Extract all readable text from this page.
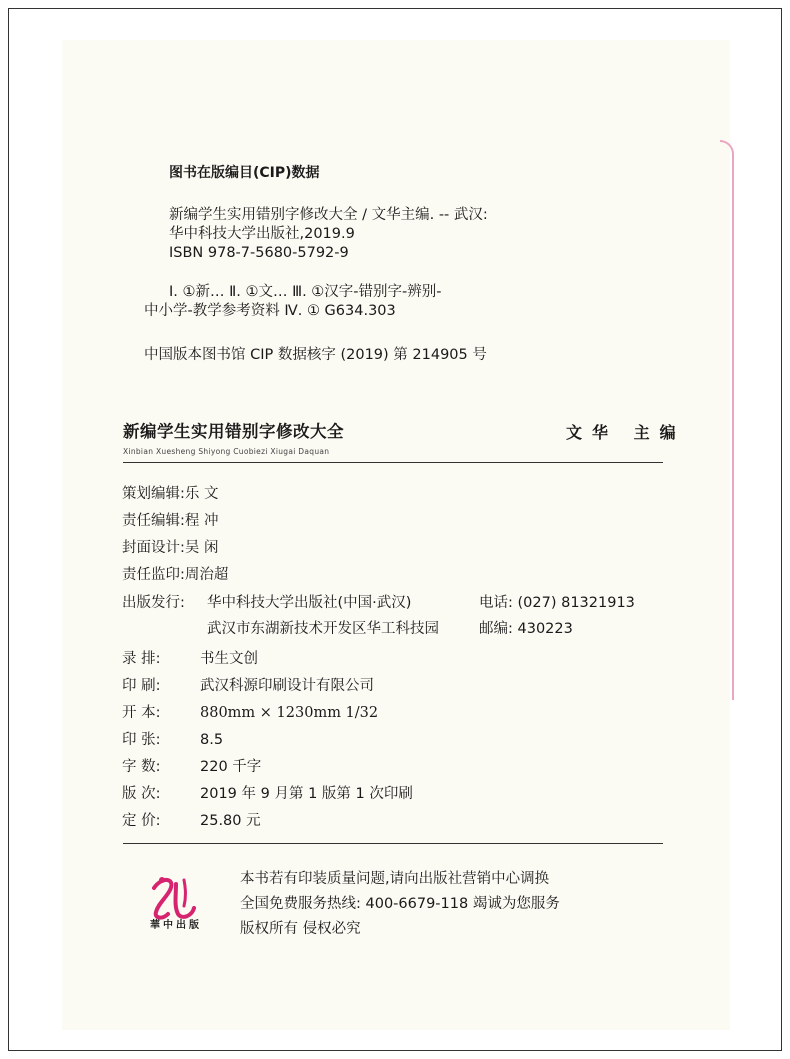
图书在版编目(CIP)数据
新编学生实用错别字修改大全 / 文华主编. -- 武汉:
华中科技大学出版社,2019.9
ISBN 978-7-5680-5792-9
Ⅰ. ①新… Ⅱ. ①文… Ⅲ. ①汉字-错别字-辨别-
中小学-教学参考资料 Ⅳ. ① G634.303
中国版本图书馆 CIP 数据核字 (2019) 第 214905 号
新编学生实用错别字修改大全
Xinbian Xuesheng Shiyong Cuobiezi Xiugai Daquan
文华 主编
策划编辑:乐 文
责任编辑:程 冲
封面设计:吴 闲
责任监印:周治超
出版发行: 华中科技大学出版社(中国·武汉)	电话: (027) 81321913
武汉市东湖新技术开发区华工科技园	邮编: 430223
录 排:	书生文创
印 刷:	武汉科源印刷设计有限公司
开 本:	880mm × 1230mm 1/32
印 张:	8.5
字 数:	220 千字
版 次:	2019 年 9 月第 1 版第 1 次印刷
定 价:	25.80 元
華中出版
本书若有印装质量问题,请向出版社营销中心调换
全国免费服务热线: 400-6679-118 竭诚为您服务
版权所有 侵权必究
